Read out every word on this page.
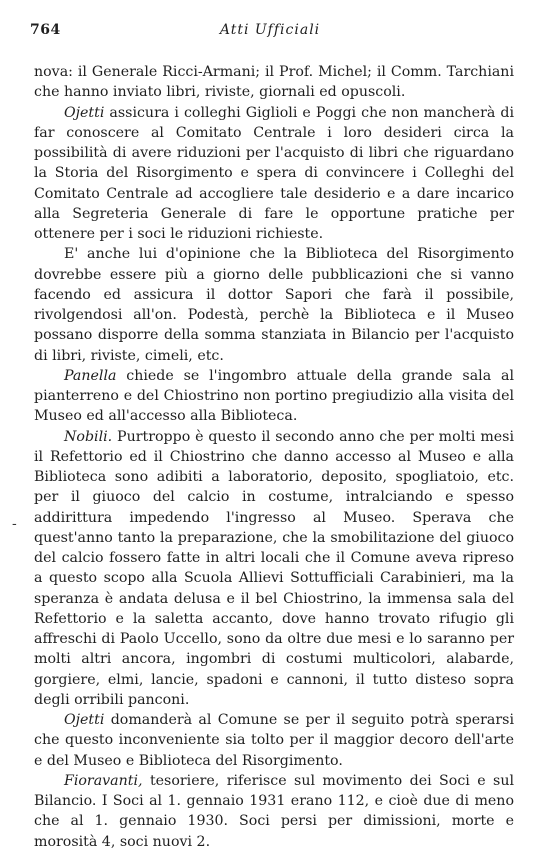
764	Atti Ufficiali
-

nova: il Generale Ricci-Armani; il Prof. Michel; il Comm. Tarchiani che hanno inviato libri, riviste, giornali ed opuscoli.

Ojetti assicura i colleghi Giglioli e Poggi che non mancherà di far conoscere al Comitato Centrale i loro desideri circa la possibilità di avere riduzioni per l'acquisto di libri che riguardano la Storia del Risorgimento e spera di convincere i Colleghi del Comitato Centrale ad accogliere tale desiderio e a dare incarico alla Segreteria Generale di fare le opportune pratiche per ottenere per i soci le riduzioni richieste.

E' anche lui d'opinione che la Biblioteca del Risorgimento dovrebbe essere più a giorno delle pubblicazioni che si vanno facendo ed assicura il dottor Sapori che farà il possibile, rivolgendosi all'on. Podestà, perchè la Biblioteca e il Museo possano disporre della somma stanziata in Bilancio per l'acquisto di libri, riviste, cimeli, etc.

Panella chiede se l'ingombro attuale della grande sala al pianterreno e del Chiostrino non portino pregiudizio alla visita del Museo ed all'accesso alla Biblioteca.

Nobili. Purtroppo è questo il secondo anno che per molti mesi il Refettorio ed il Chiostrino che danno accesso al Museo e alla Biblioteca sono adibiti a laboratorio, deposito, spogliatoio, etc. per il giuoco del calcio in costume, intralciando e spesso addirittura impedendo l'ingresso al Museo. Sperava che quest'anno tanto la preparazione, che la smobilitazione del giuoco del calcio fossero fatte in altri locali che il Comune aveva ripreso a questo scopo alla Scuola Allievi Sottufficiali Carabinieri, ma la speranza è andata delusa e il bel Chiostrino, la immensa sala del Refettorio e la saletta accanto, dove hanno trovato rifugio gli affreschi di Paolo Uccello, sono da oltre due mesi e lo saranno per molti altri ancora, ingombri di costumi multicolori, alabarde, gorgiere, elmi, lancie, spadoni e cannoni, il tutto disteso sopra degli orribili panconi.

Ojetti domanderà al Comune se per il seguito potrà sperarsi che questo inconveniente sia tolto per il maggior decoro dell'arte e del Museo e Biblioteca del Risorgimento.

Fioravanti, tesoriere, riferisce sul movimento dei Soci e sul Bilancio. I Soci al 1. gennaio 1931 erano 112, e cioè due di meno che al 1. gennaio 1930. Soci persi per dimissioni, morte e morosità 4, soci nuovi 2.
